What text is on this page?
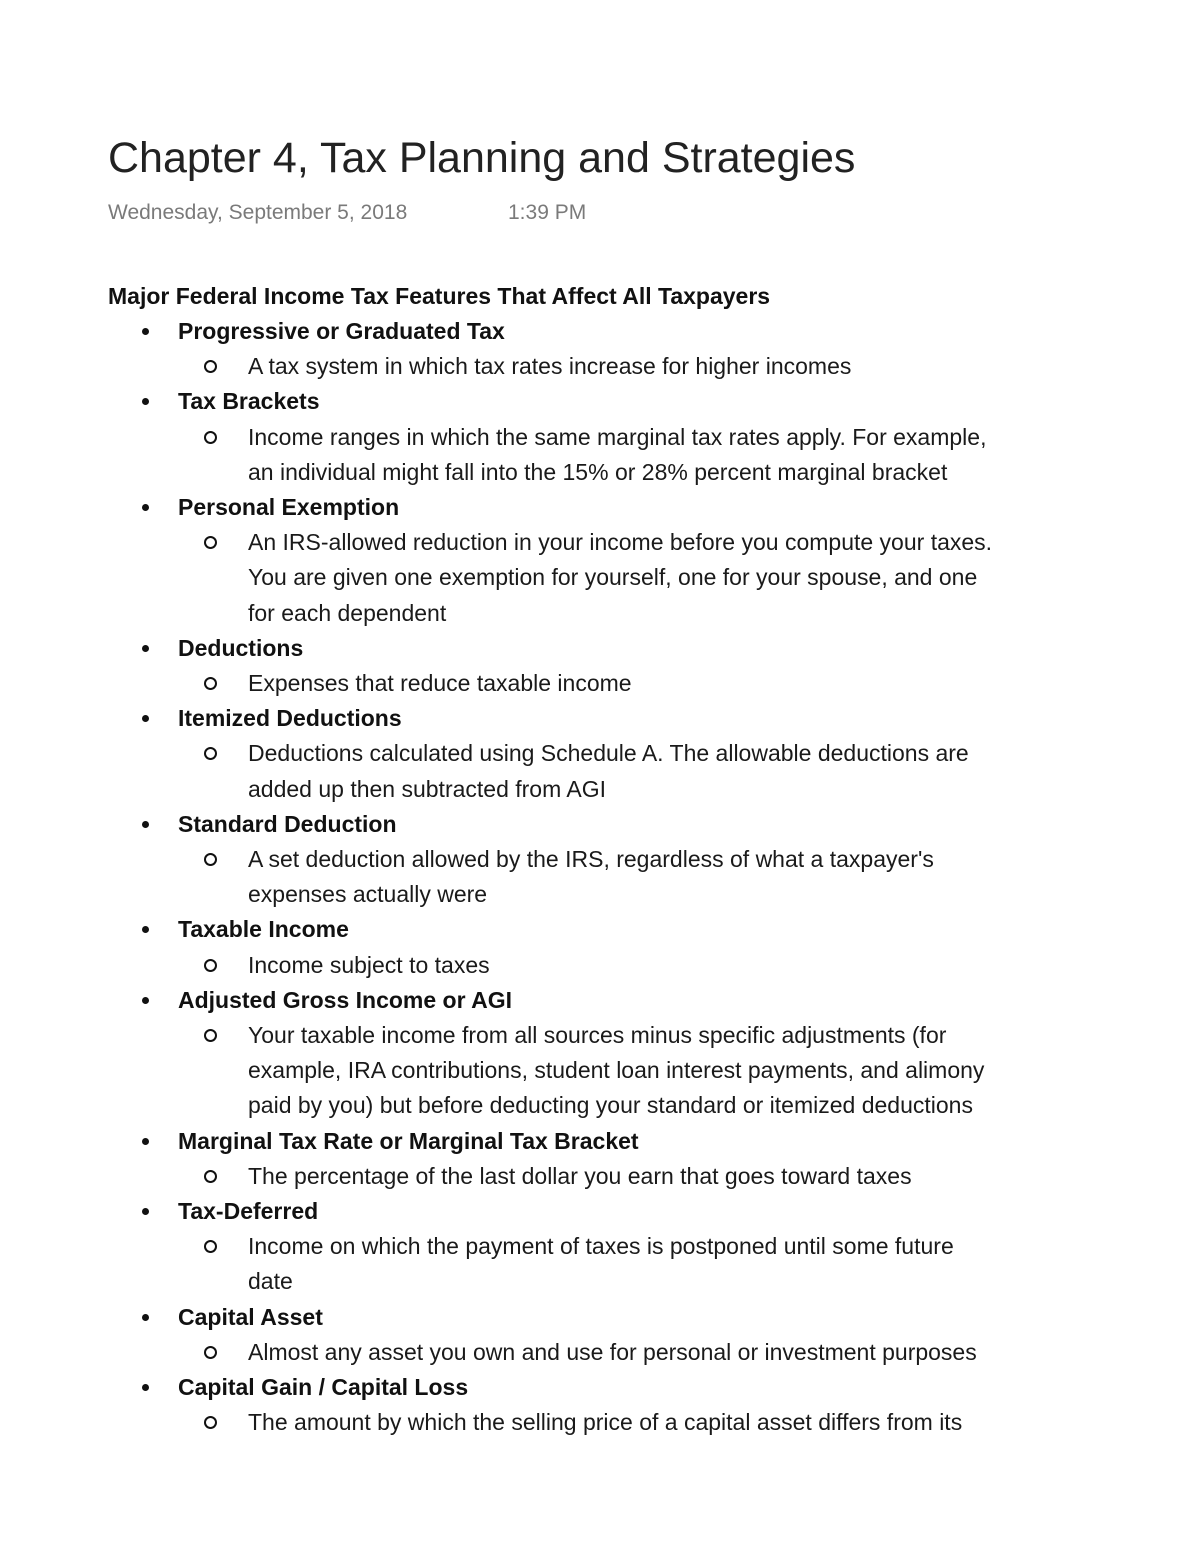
Chapter 4, Tax Planning and Strategies
Wednesday, September 5, 2018	1:39 PM
Major Federal Income Tax Features That Affect All Taxpayers
Progressive or Graduated Tax
A tax system in which tax rates increase for higher incomes
Tax Brackets
Income ranges in which the same marginal tax rates apply. For example,
an individual might fall into the 15% or 28% percent marginal bracket
Personal Exemption
An IRS-allowed reduction in your income before you compute your taxes.
You are given one exemption for yourself, one for your spouse, and one
for each dependent
Deductions
Expenses that reduce taxable income
Itemized Deductions
Deductions calculated using Schedule A. The allowable deductions are
added up then subtracted from AGI
Standard Deduction
A set deduction allowed by the IRS, regardless of what a taxpayer's
expenses actually were
Taxable Income
Income subject to taxes
Adjusted Gross Income or AGI
Your taxable income from all sources minus specific adjustments (for
example, IRA contributions, student loan interest payments, and alimony
paid by you) but before deducting your standard or itemized deductions
Marginal Tax Rate or Marginal Tax Bracket
The percentage of the last dollar you earn that goes toward taxes
Tax-Deferred
Income on which the payment of taxes is postponed until some future
date
Capital Asset
Almost any asset you own and use for personal or investment purposes
Capital Gain / Capital Loss
The amount by which the selling price of a capital asset differs from its
